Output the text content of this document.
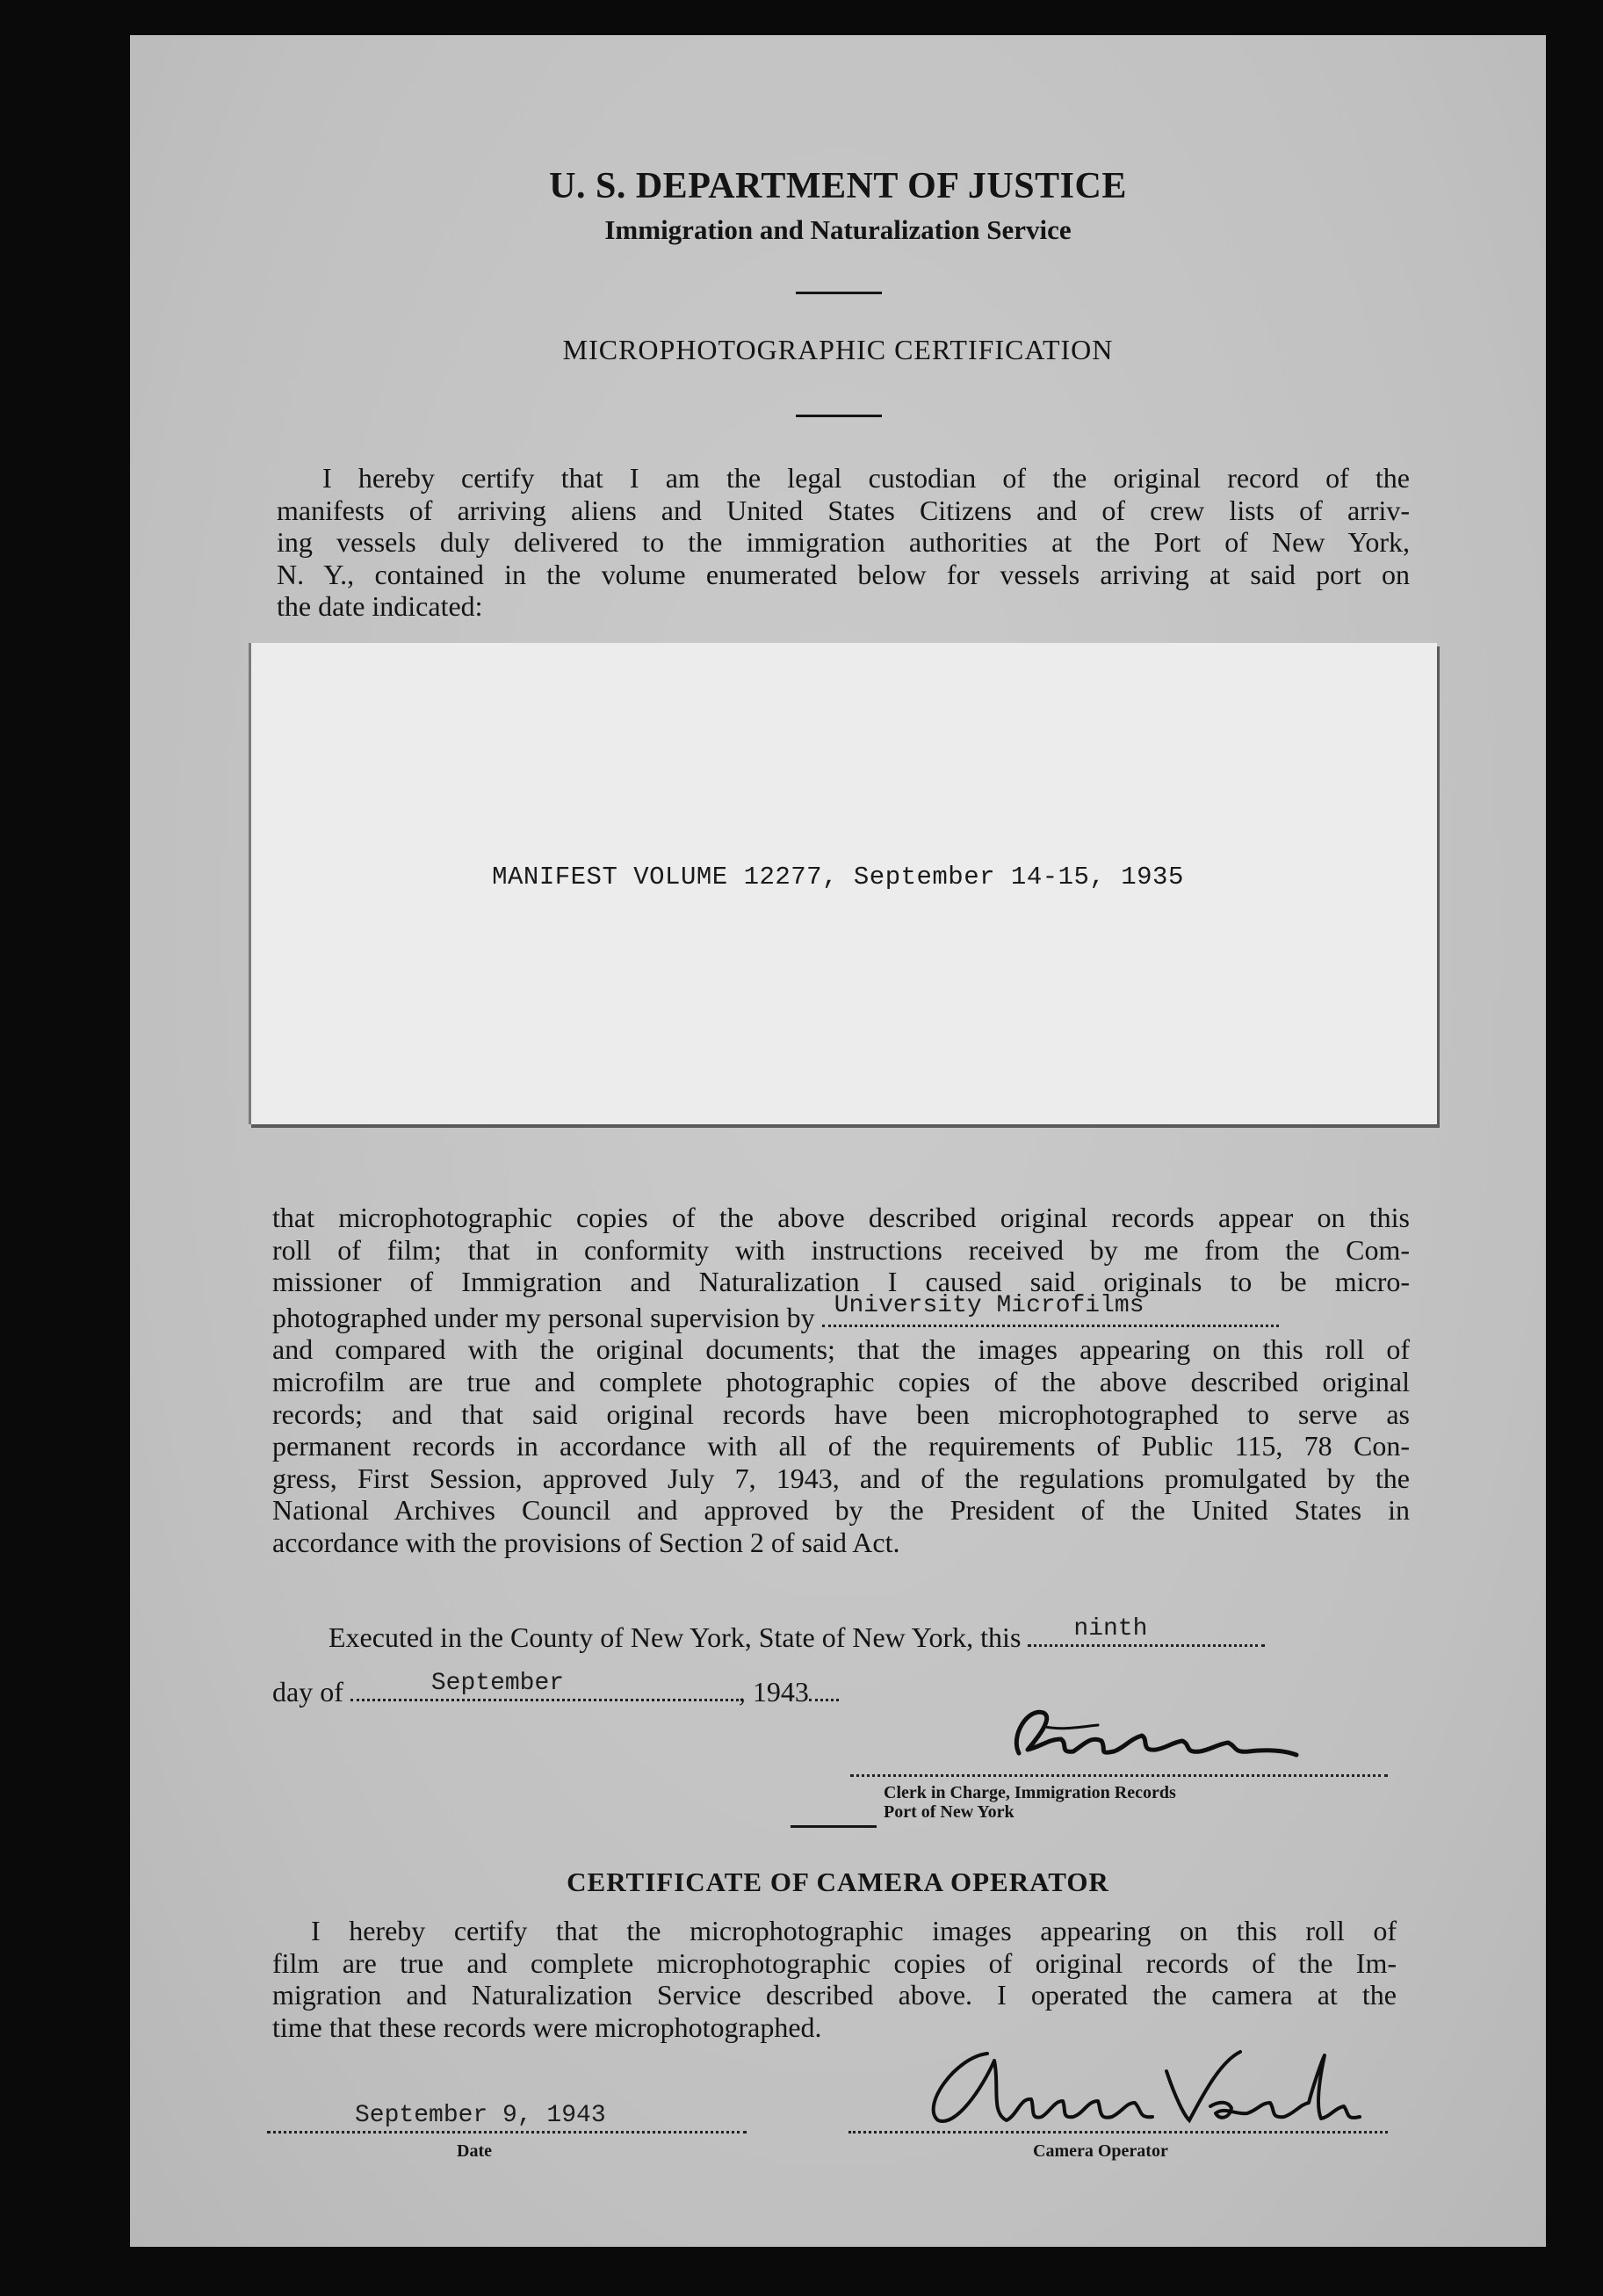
U. S. DEPARTMENT OF JUSTICE
Immigration and Naturalization Service
MICROPHOTOGRAPHIC CERTIFICATION
I hereby certify that I am the legal custodian of the original record of the
manifests of arriving aliens and United States Citizens and of crew lists of arriv-
ing vessels duly delivered to the immigration authorities at the Port of New York,
N. Y., contained in the volume enumerated below for vessels arriving at said port on
the date indicated:
MANIFEST VOLUME 12277, September 14-15, 1935
that microphotographic copies of the above described original records appear on this
roll of film; that in conformity with instructions received by me from the Com-
missioner of Immigration and Naturalization I caused said originals to be micro-
photographed under my personal supervision by University Microfilms
and compared with the original documents; that the images appearing on this roll of
microfilm are true and complete photographic copies of the above described original
records; and that said original records have been microphotographed to serve as
permanent records in accordance with all of the requirements of Public 115, 78 Con-
gress, First Session, approved July 7, 1943, and of the regulations promulgated by the
National Archives Council and approved by the President of the United States in
accordance with the provisions of Section 2 of said Act.
Executed in the County of New York, State of New York, this ninth
day of	September	, 1943
Clerk in Charge, Immigration Records
Port of New York
CERTIFICATE OF CAMERA OPERATOR
I hereby certify that the microphotographic images appearing on this roll of
film are true and complete microphotographic copies of original records of the Im-
migration and Naturalization Service described above. I operated the camera at the
time that these records were microphotographed.
September 9, 1943
Date	Camera Operator
